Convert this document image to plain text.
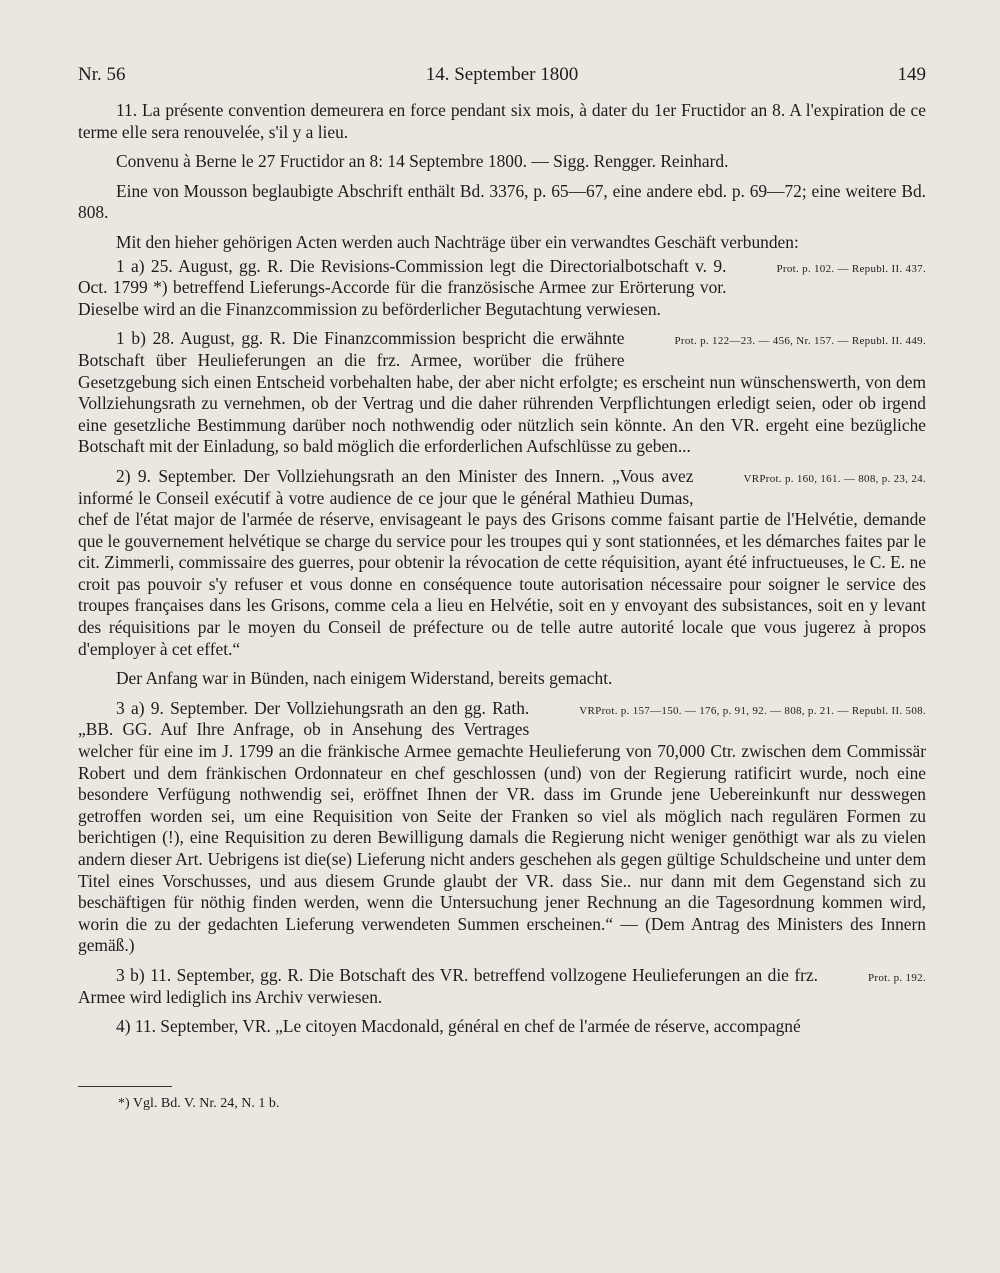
Nr. 56	14. September 1800	149

11. La présente convention demeurera en force pendant six mois, à dater du 1er Fructidor an 8. A l'expiration de ce terme elle sera renouvelée, s'il y a lieu.

Convenu à Berne le 27 Fructidor an 8: 14 Septembre 1800. — Sigg. Rengger. Reinhard.

Eine von Mousson beglaubigte Abschrift enthält Bd. 3376, p. 65—67, eine andere ebd. p. 69—72; eine weitere Bd. 808.

Mit den hieher gehörigen Acten werden auch Nachträge über ein verwandtes Geschäft verbunden:

Prot. p. 102. — Republ. II. 437.
1 a) 25. August, gg. R. Die Revisions-Commission legt die Directorialbotschaft v. 9. Oct. 1799 *) betreffend Lieferungs-Accorde für die französische Armee zur Erörterung vor. Dieselbe wird an die Finanzcommission zu beförderlicher Begutachtung verwiesen.

Prot. p. 122—23. — 456, Nr. 157. — Republ. II. 449.
1 b) 28. August, gg. R. Die Finanzcommission bespricht die erwähnte Botschaft über Heulieferungen an die frz. Armee, worüber die frühere Gesetzgebung sich einen Entscheid vorbehalten habe, der aber nicht erfolgte; es erscheint nun wünschenswerth, von dem Vollziehungsrath zu vernehmen, ob der Vertrag und die daher rührenden Verpflichtungen erledigt seien, oder ob irgend eine gesetzliche Bestimmung darüber noch nothwendig oder nützlich sein könnte. An den VR. ergeht eine bezügliche Botschaft mit der Einladung, so bald möglich die erforderlichen Aufschlüsse zu geben...

VRProt. p. 160, 161. — 808, p. 23, 24.
2) 9. September. Der Vollziehungsrath an den Minister des Innern. „Vous avez informé le Conseil exécutif à votre audience de ce jour que le général Mathieu Dumas, chef de l'état major de l'armée de réserve, envisageant le pays des Grisons comme faisant partie de l'Helvétie, demande que le gouvernement helvétique se charge du service pour les troupes qui y sont stationnées, et les démarches faites par le cit. Zimmerli, commissaire des guerres, pour obtenir la révocation de cette réquisition, ayant été infructueuses, le C. E. ne croit pas pouvoir s'y refuser et vous donne en conséquence toute autorisation nécessaire pour soigner le service des troupes françaises dans les Grisons, comme cela a lieu en Helvétie, soit en y envoyant des subsistances, soit en y levant des réquisitions par le moyen du Conseil de préfecture ou de telle autre autorité locale que vous jugerez à propos d'employer à cet effet.“

Der Anfang war in Bünden, nach einigem Widerstand, bereits gemacht.

VRProt. p. 157—150. — 176, p. 91, 92. — 808, p. 21. — Republ. II. 508.
3 a) 9. September. Der Vollziehungsrath an den gg. Rath. „BB. GG. Auf Ihre Anfrage, ob in Ansehung des Vertrages welcher für eine im J. 1799 an die fränkische Armee gemachte Heulieferung von 70,000 Ctr. zwischen dem Commissär Robert und dem fränkischen Ordonnateur en chef geschlossen (und) von der Regierung ratificirt wurde, noch eine besondere Verfügung nothwendig sei, eröffnet Ihnen der VR. dass im Grunde jene Uebereinkunft nur desswegen getroffen worden sei, um eine Requisition von Seite der Franken so viel als möglich nach regulären Formen zu berichtigen (!), eine Requisition zu deren Bewilligung damals die Regierung nicht weniger genöthigt war als zu vielen andern dieser Art. Uebrigens ist die(se) Lieferung nicht anders geschehen als gegen gültige Schuldscheine und unter dem Titel eines Vorschusses, und aus diesem Grunde glaubt der VR. dass Sie.. nur dann mit dem Gegenstand sich zu beschäftigen für nöthig finden werden, wenn die Untersuchung jener Rechnung an die Tagesordnung kommen wird, worin die zu der gedachten Lieferung verwendeten Summen erscheinen.“ — (Dem Antrag des Ministers des Innern gemäß.)

Prot. p. 192.
3 b) 11. September, gg. R. Die Botschaft des VR. betreffend vollzogene Heulieferungen an die frz. Armee wird lediglich ins Archiv verwiesen.

4) 11. September, VR. „Le citoyen Macdonald, général en chef de l'armée de réserve, accompagné

*) Vgl. Bd. V. Nr. 24, N. 1 b.
